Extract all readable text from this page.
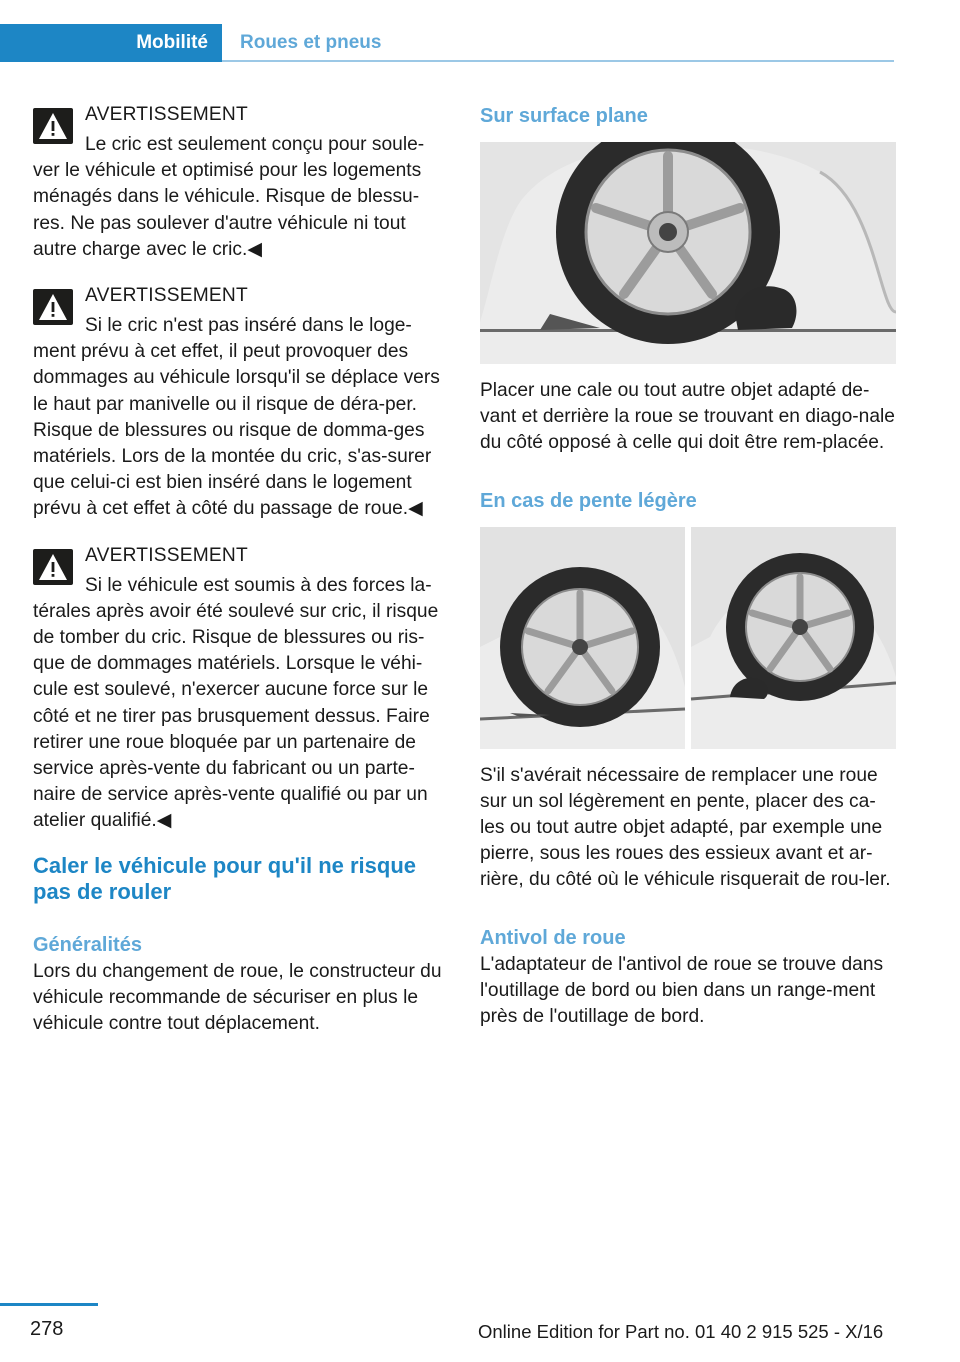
Mobilité	Roues et pneus
AVERTISSEMENT

Le cric est seulement conçu pour soule‐ver le véhicule et optimisé pour les logements ménagés dans le véhicule. Risque de blessu‐res. Ne pas soulever d'autre véhicule ni tout autre charge avec le cric.◀

AVERTISSEMENT

Si le cric n'est pas inséré dans le loge‐ment prévu à cet effet, il peut provoquer des dommages au véhicule lorsqu'il se déplace vers le haut par manivelle ou il risque de déra‐per. Risque de blessures ou risque de domma‐ges matériels. Lors de la montée du cric, s'as‐surer que celui-ci est bien inséré dans le logement prévu à cet effet à côté du passage de roue.◀

AVERTISSEMENT

Si le véhicule est soumis à des forces la‐térales après avoir été soulevé sur cric, il risque de tomber du cric. Risque de blessures ou ris‐que de dommages matériels. Lorsque le véhi‐cule est soulevé, n'exercer aucune force sur le côté et ne tirer pas brusquement dessus. Faire retirer une roue bloquée par un partenaire de service après-vente du fabricant ou un parte‐naire de service après-vente qualifié ou par un atelier qualifié.◀

Caler le véhicule pour qu'il ne risque pas de rouler
Généralités

Lors du changement de roue, le constructeur du véhicule recommande de sécuriser en plus le véhicule contre tout déplacement.

Sur surface plane

Placer une cale ou tout autre objet adapté de‐vant et derrière la roue se trouvant en diago‐nale du côté opposé à celle qui doit être rem‐placée.

En cas de pente légère

S'il s'avérait nécessaire de remplacer une roue sur un sol légèrement en pente, placer des ca‐les ou tout autre objet adapté, par exemple une pierre, sous les roues des essieux avant et ar‐rière, du côté où le véhicule risquerait de rou‐ler.

Antivol de roue

L'adaptateur de l'antivol de roue se trouve dans l'outillage de bord ou bien dans un range‐ment près de l'outillage de bord.

278	Online Edition for Part no. 01 40 2 915 525 - X/16
